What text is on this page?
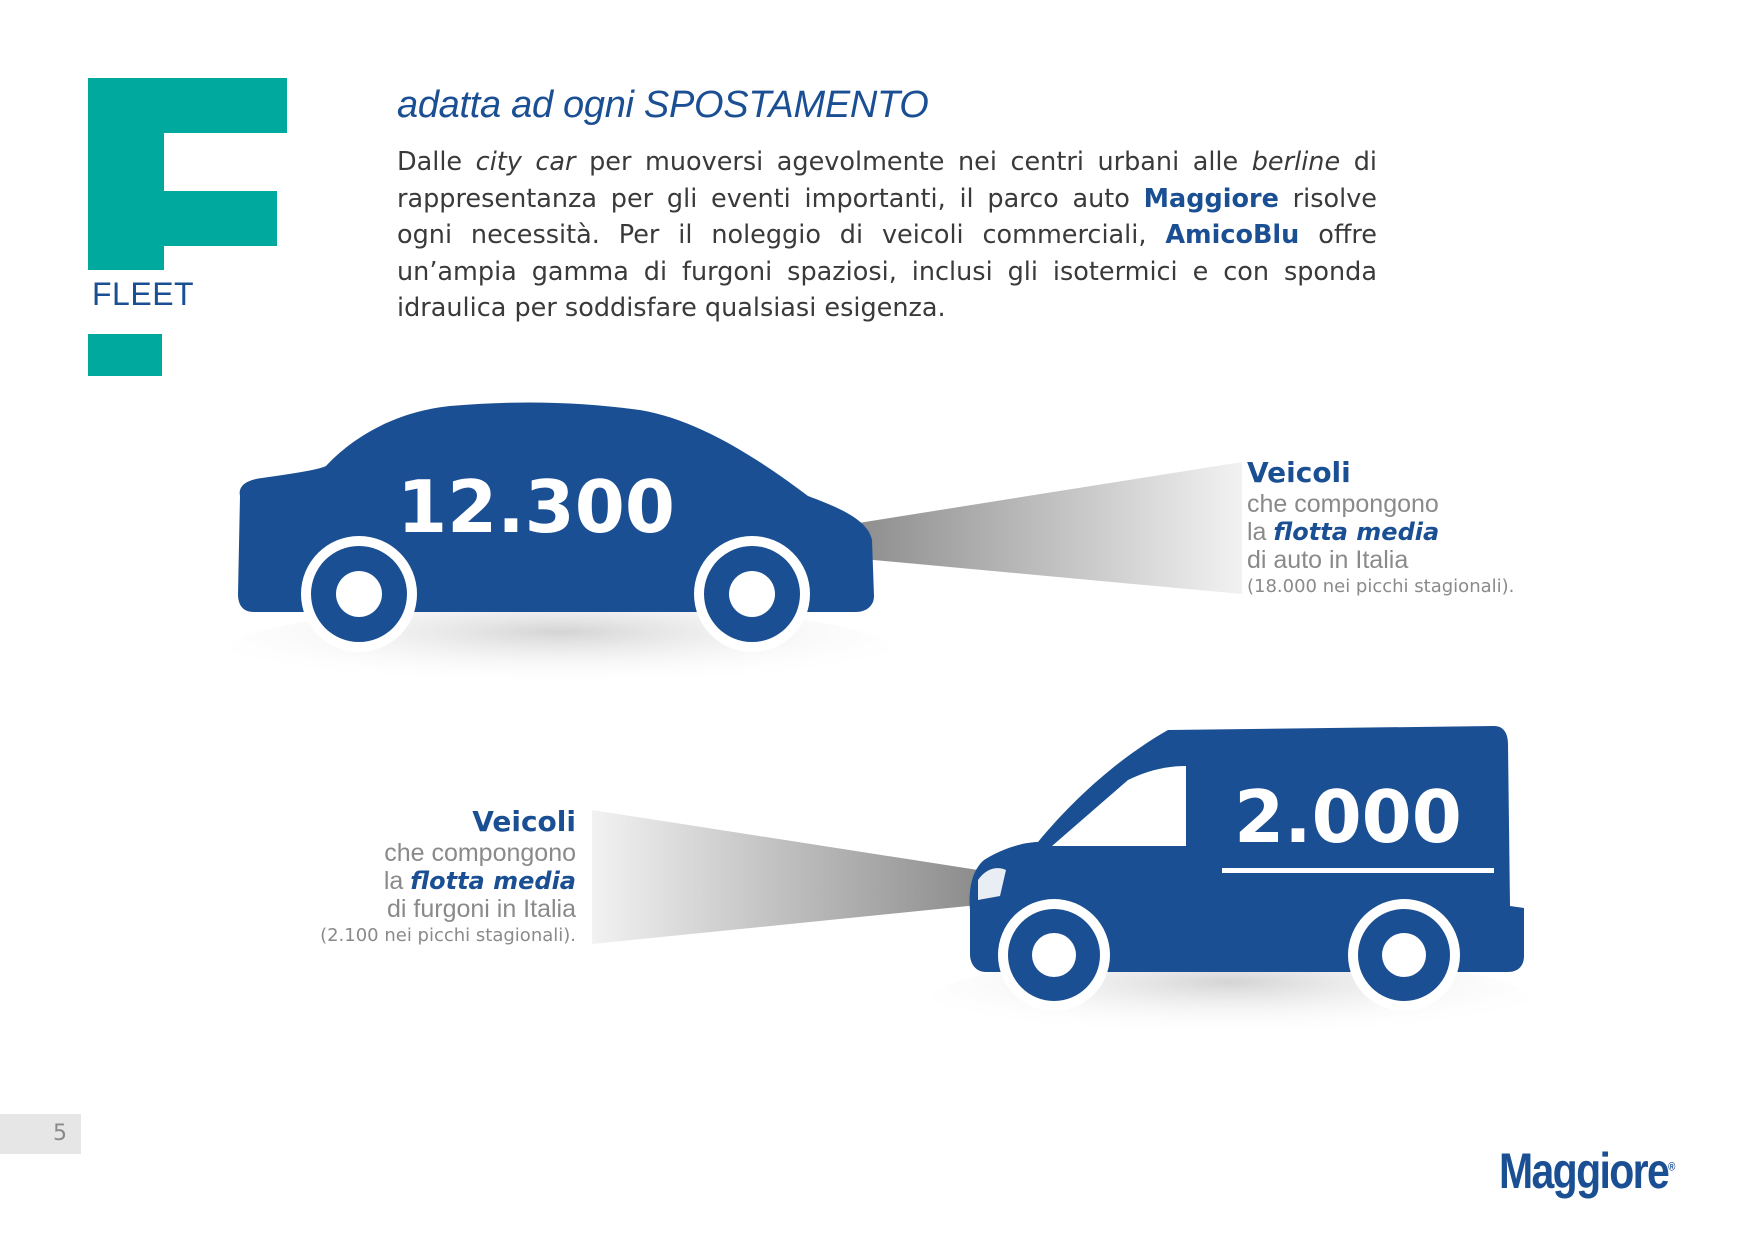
FLEET
adatta ad ogni SPOSTAMENTO
Dalle city car per muoversi agevolmente nei centri urbani alle berline di rappresentanza per gli eventi importanti, il parco auto Maggiore risolve ogni necessità. Per il noleggio di veicoli commerciali, AmicoBlu offre un’ampia gamma di furgoni spaziosi, inclusi gli isotermici e con sponda idraulica per soddisfare qualsiasi esigenza.
12.300
2.000
Veicoli
che compongono
la flotta media
di auto in Italia
(18.000 nei picchi stagionali).
Veicoli
che compongono
la flotta media
di furgoni in Italia
(2.100 nei picchi stagionali).
5
Maggiore®
